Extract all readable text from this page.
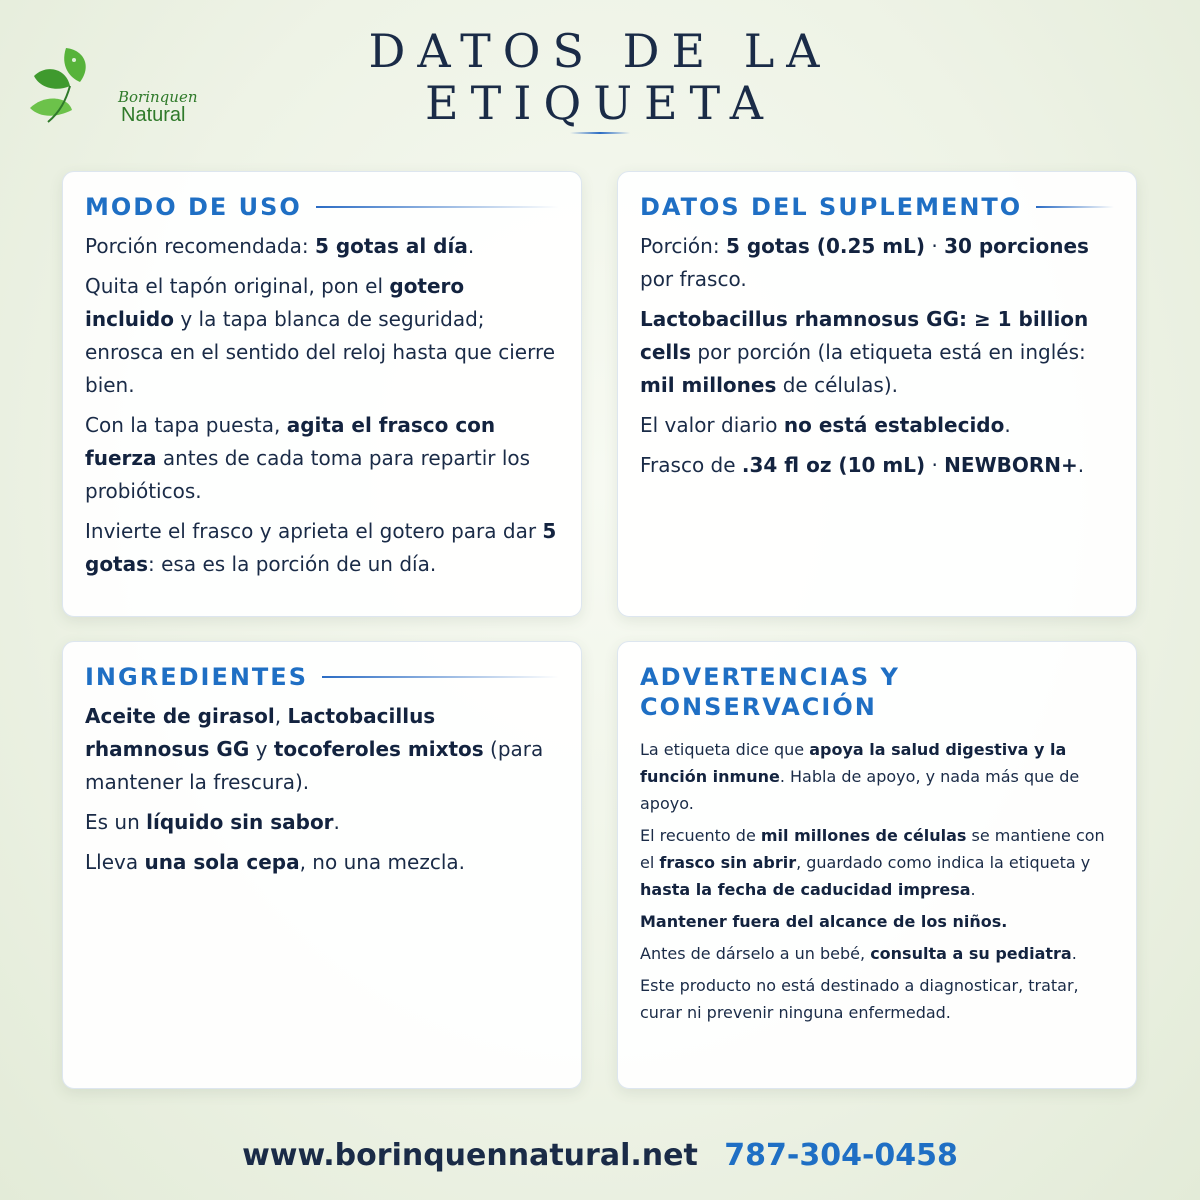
Borinquen
Natural
DATOS DE LA
ETIQUETA
MODO DE USO

Porción recomendada: 5 gotas al día.

Quita el tapón original, pon el gotero incluido y la tapa blanca de seguridad; enrosca en el sentido del reloj hasta que cierre bien.

Con la tapa puesta, agita el frasco con fuerza antes de cada toma para repartir los probióticos.

Invierte el frasco y aprieta el gotero para dar 5 gotas: esa es la porción de un día.

DATOS DEL SUPLEMENTO

Porción: 5 gotas (0.25 mL) · 30 porciones por frasco.

Lactobacillus rhamnosus GG: ≥ 1 billion cells por porción (la etiqueta está en inglés: mil millones de células).

El valor diario no está establecido.

Frasco de .34 fl oz (10 mL) · NEWBORN+.

INGREDIENTES

Aceite de girasol, Lactobacillus rhamnosus GG y tocoferoles mixtos (para mantener la frescura).

Es un líquido sin sabor.

Lleva una sola cepa, no una mezcla.

ADVERTENCIAS Y
CONSERVACIÓN

La etiqueta dice que apoya la salud digestiva y la función inmune. Habla de apoyo, y nada más que de apoyo.

El recuento de mil millones de células se mantiene con el frasco sin abrir, guardado como indica la etiqueta y hasta la fecha de caducidad impresa.

Mantener fuera del alcance de los niños.

Antes de dárselo a un bebé, consulta a su pediatra.

Este producto no está destinado a diagnosticar, tratar, curar ni prevenir ninguna enfermedad.

www.borinquennatural.net 787-304-0458
